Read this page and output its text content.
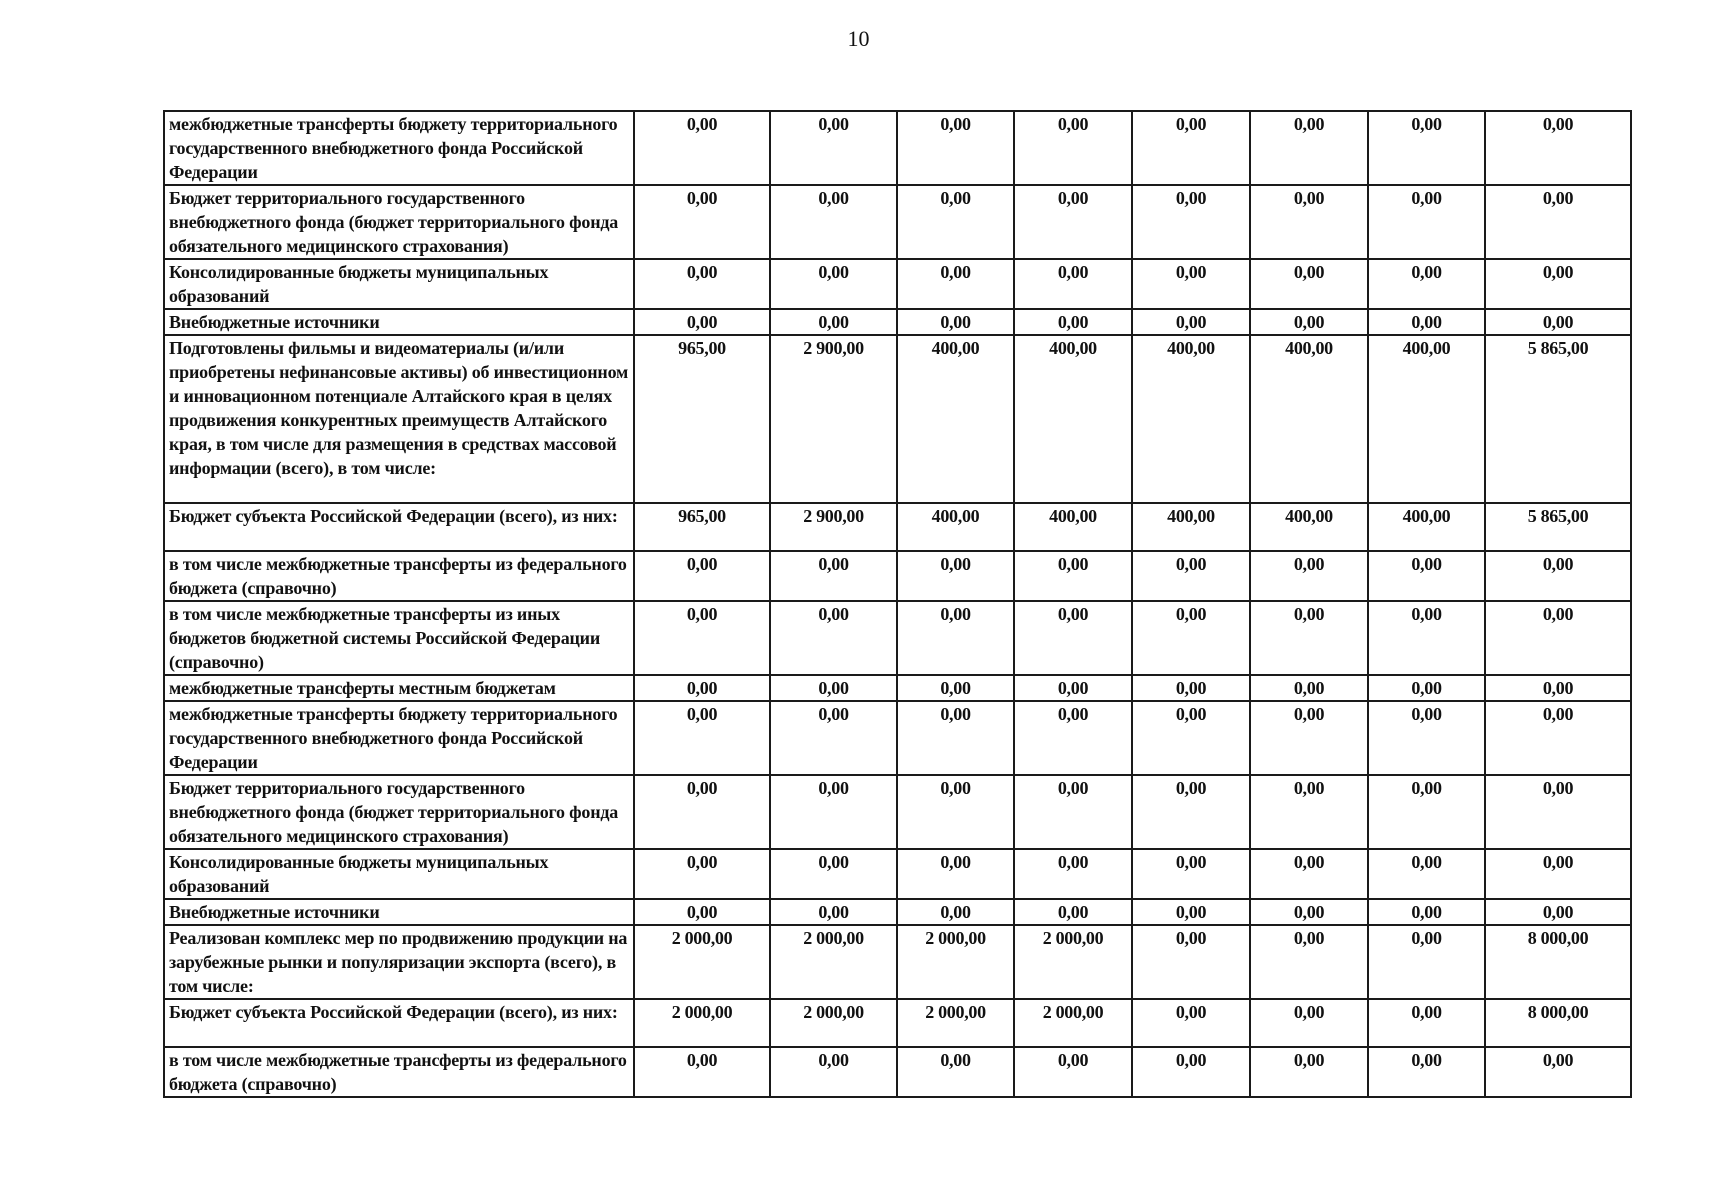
10
межбюджетные трансферты бюджету территориального государственного внебюджетного фонда Российской Федерации	0,00	0,00	0,00	0,00	0,00	0,00	0,00	0,00
Бюджет территориального государственного внебюджетного фонда (бюджет территориального фонда обязательного медицинского страхования)	0,00	0,00	0,00	0,00	0,00	0,00	0,00	0,00
Консолидированные бюджеты муниципальных образований	0,00	0,00	0,00	0,00	0,00	0,00	0,00	0,00
Внебюджетные источники	0,00	0,00	0,00	0,00	0,00	0,00	0,00	0,00
Подготовлены фильмы и видеоматериалы (и/или приобретены нефинансовые активы) об инвестиционном и инновационном потенциале Алтайского края в целях продвижения конкурентных преимуществ Алтайского края, в том числе для размещения в средствах массовой информации (всего), в том числе:	965,00	2 900,00	400,00	400,00	400,00	400,00	400,00	5 865,00
Бюджет субъекта Российской Федерации (всего), из них:	965,00	2 900,00	400,00	400,00	400,00	400,00	400,00	5 865,00
в том числе межбюджетные трансферты из федерального бюджета (справочно)	0,00	0,00	0,00	0,00	0,00	0,00	0,00	0,00
в том числе межбюджетные трансферты из иных бюджетов бюджетной системы Российской Федерации (справочно)	0,00	0,00	0,00	0,00	0,00	0,00	0,00	0,00
межбюджетные трансферты местным бюджетам	0,00	0,00	0,00	0,00	0,00	0,00	0,00	0,00
межбюджетные трансферты бюджету территориального государственного внебюджетного фонда Российской Федерации	0,00	0,00	0,00	0,00	0,00	0,00	0,00	0,00
Бюджет территориального государственного внебюджетного фонда (бюджет территориального фонда обязательного медицинского страхования)	0,00	0,00	0,00	0,00	0,00	0,00	0,00	0,00
Консолидированные бюджеты муниципальных образований	0,00	0,00	0,00	0,00	0,00	0,00	0,00	0,00
Внебюджетные источники	0,00	0,00	0,00	0,00	0,00	0,00	0,00	0,00
Реализован комплекс мер по продвижению продукции на зарубежные рынки и популяризации экспорта (всего), в том числе:	2 000,00	2 000,00	2 000,00	2 000,00	0,00	0,00	0,00	8 000,00
Бюджет субъекта Российской Федерации (всего), из них:	2 000,00	2 000,00	2 000,00	2 000,00	0,00	0,00	0,00	8 000,00
в том числе межбюджетные трансферты из федерального бюджета (справочно)	0,00	0,00	0,00	0,00	0,00	0,00	0,00	0,00
